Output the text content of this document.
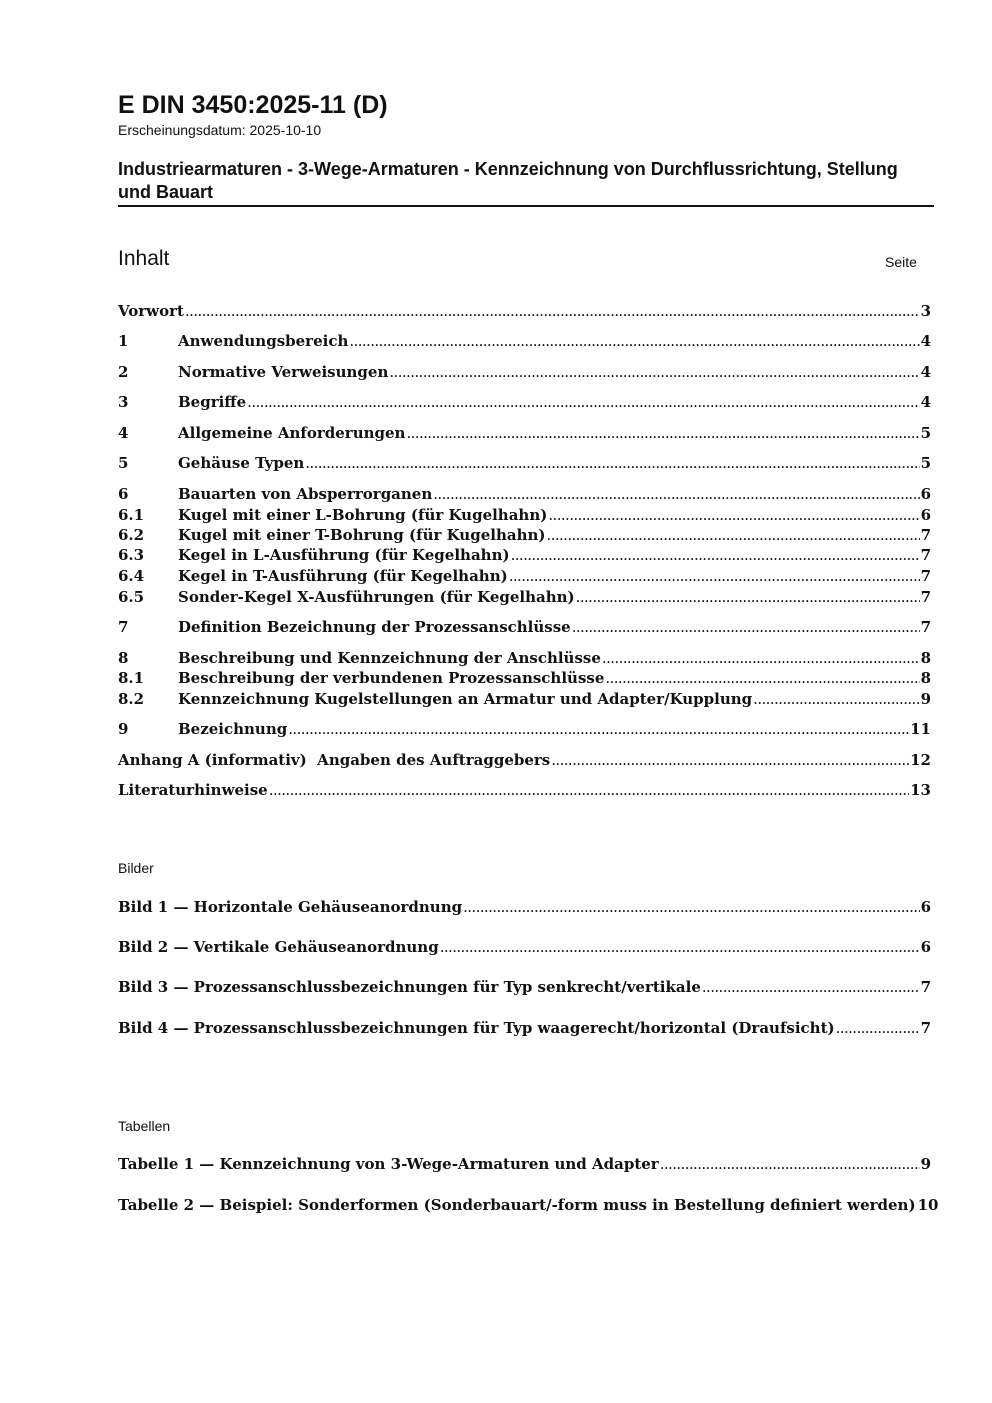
E DIN 3450:2025-11 (D)
Erscheinungsdatum: 2025-10-10
Industriearmaturen - 3-Wege-Armaturen - Kennzeichnung von Durchflussrichtung, Stellung und Bauart
Inhalt	Seite
Vorwort .....	3
1	Anwendungsbereich .....	4
2	Normative Verweisungen .....	4
3	Begriffe .....	4
4	Allgemeine Anforderungen .....	5
5	Gehäuse Typen .....	5
6	Bauarten von Absperrorganen .....	6
6.1	Kugel mit einer L-Bohrung (für Kugelhahn) .....	6
6.2	Kugel mit einer T-Bohrung (für Kugelhahn) .....	7
6.3	Kegel in L-Ausführung (für Kegelhahn) .....	7
6.4	Kegel in T-Ausführung (für Kegelhahn) .....	7
6.5	Sonder-Kegel X-Ausführungen (für Kegelhahn) .....	7
7	Definition Bezeichnung der Prozessanschlüsse .....	7
8	Beschreibung und Kennzeichnung der Anschlüsse .....	8
8.1	Beschreibung der verbundenen Prozessanschlüsse .....	8
8.2	Kennzeichnung Kugelstellungen an Armatur und Adapter/Kupplung .....	9
9	Bezeichnung .....	11
Anhang A (informativ)  Angaben des Auftraggebers .....	12
Literaturhinweise .....	13
Bild 1 — Horizontale Gehäuseanordnung .....	6
Bild 2 — Vertikale Gehäuseanordnung .....	6
Bild 3 — Prozessanschlussbezeichnungen für Typ senkrecht/vertikale .....	7
Bild 4 — Prozessanschlussbezeichnungen für Typ waagerecht/horizontal (Draufsicht) .....	7
Tabelle 1 — Kennzeichnung von 3-Wege-Armaturen und Adapter .....	9
Tabelle 2 — Beispiel: Sonderformen (Sonderbauart/-form muss in Bestellung definiert werden) 10
Bilder
Tabellen
